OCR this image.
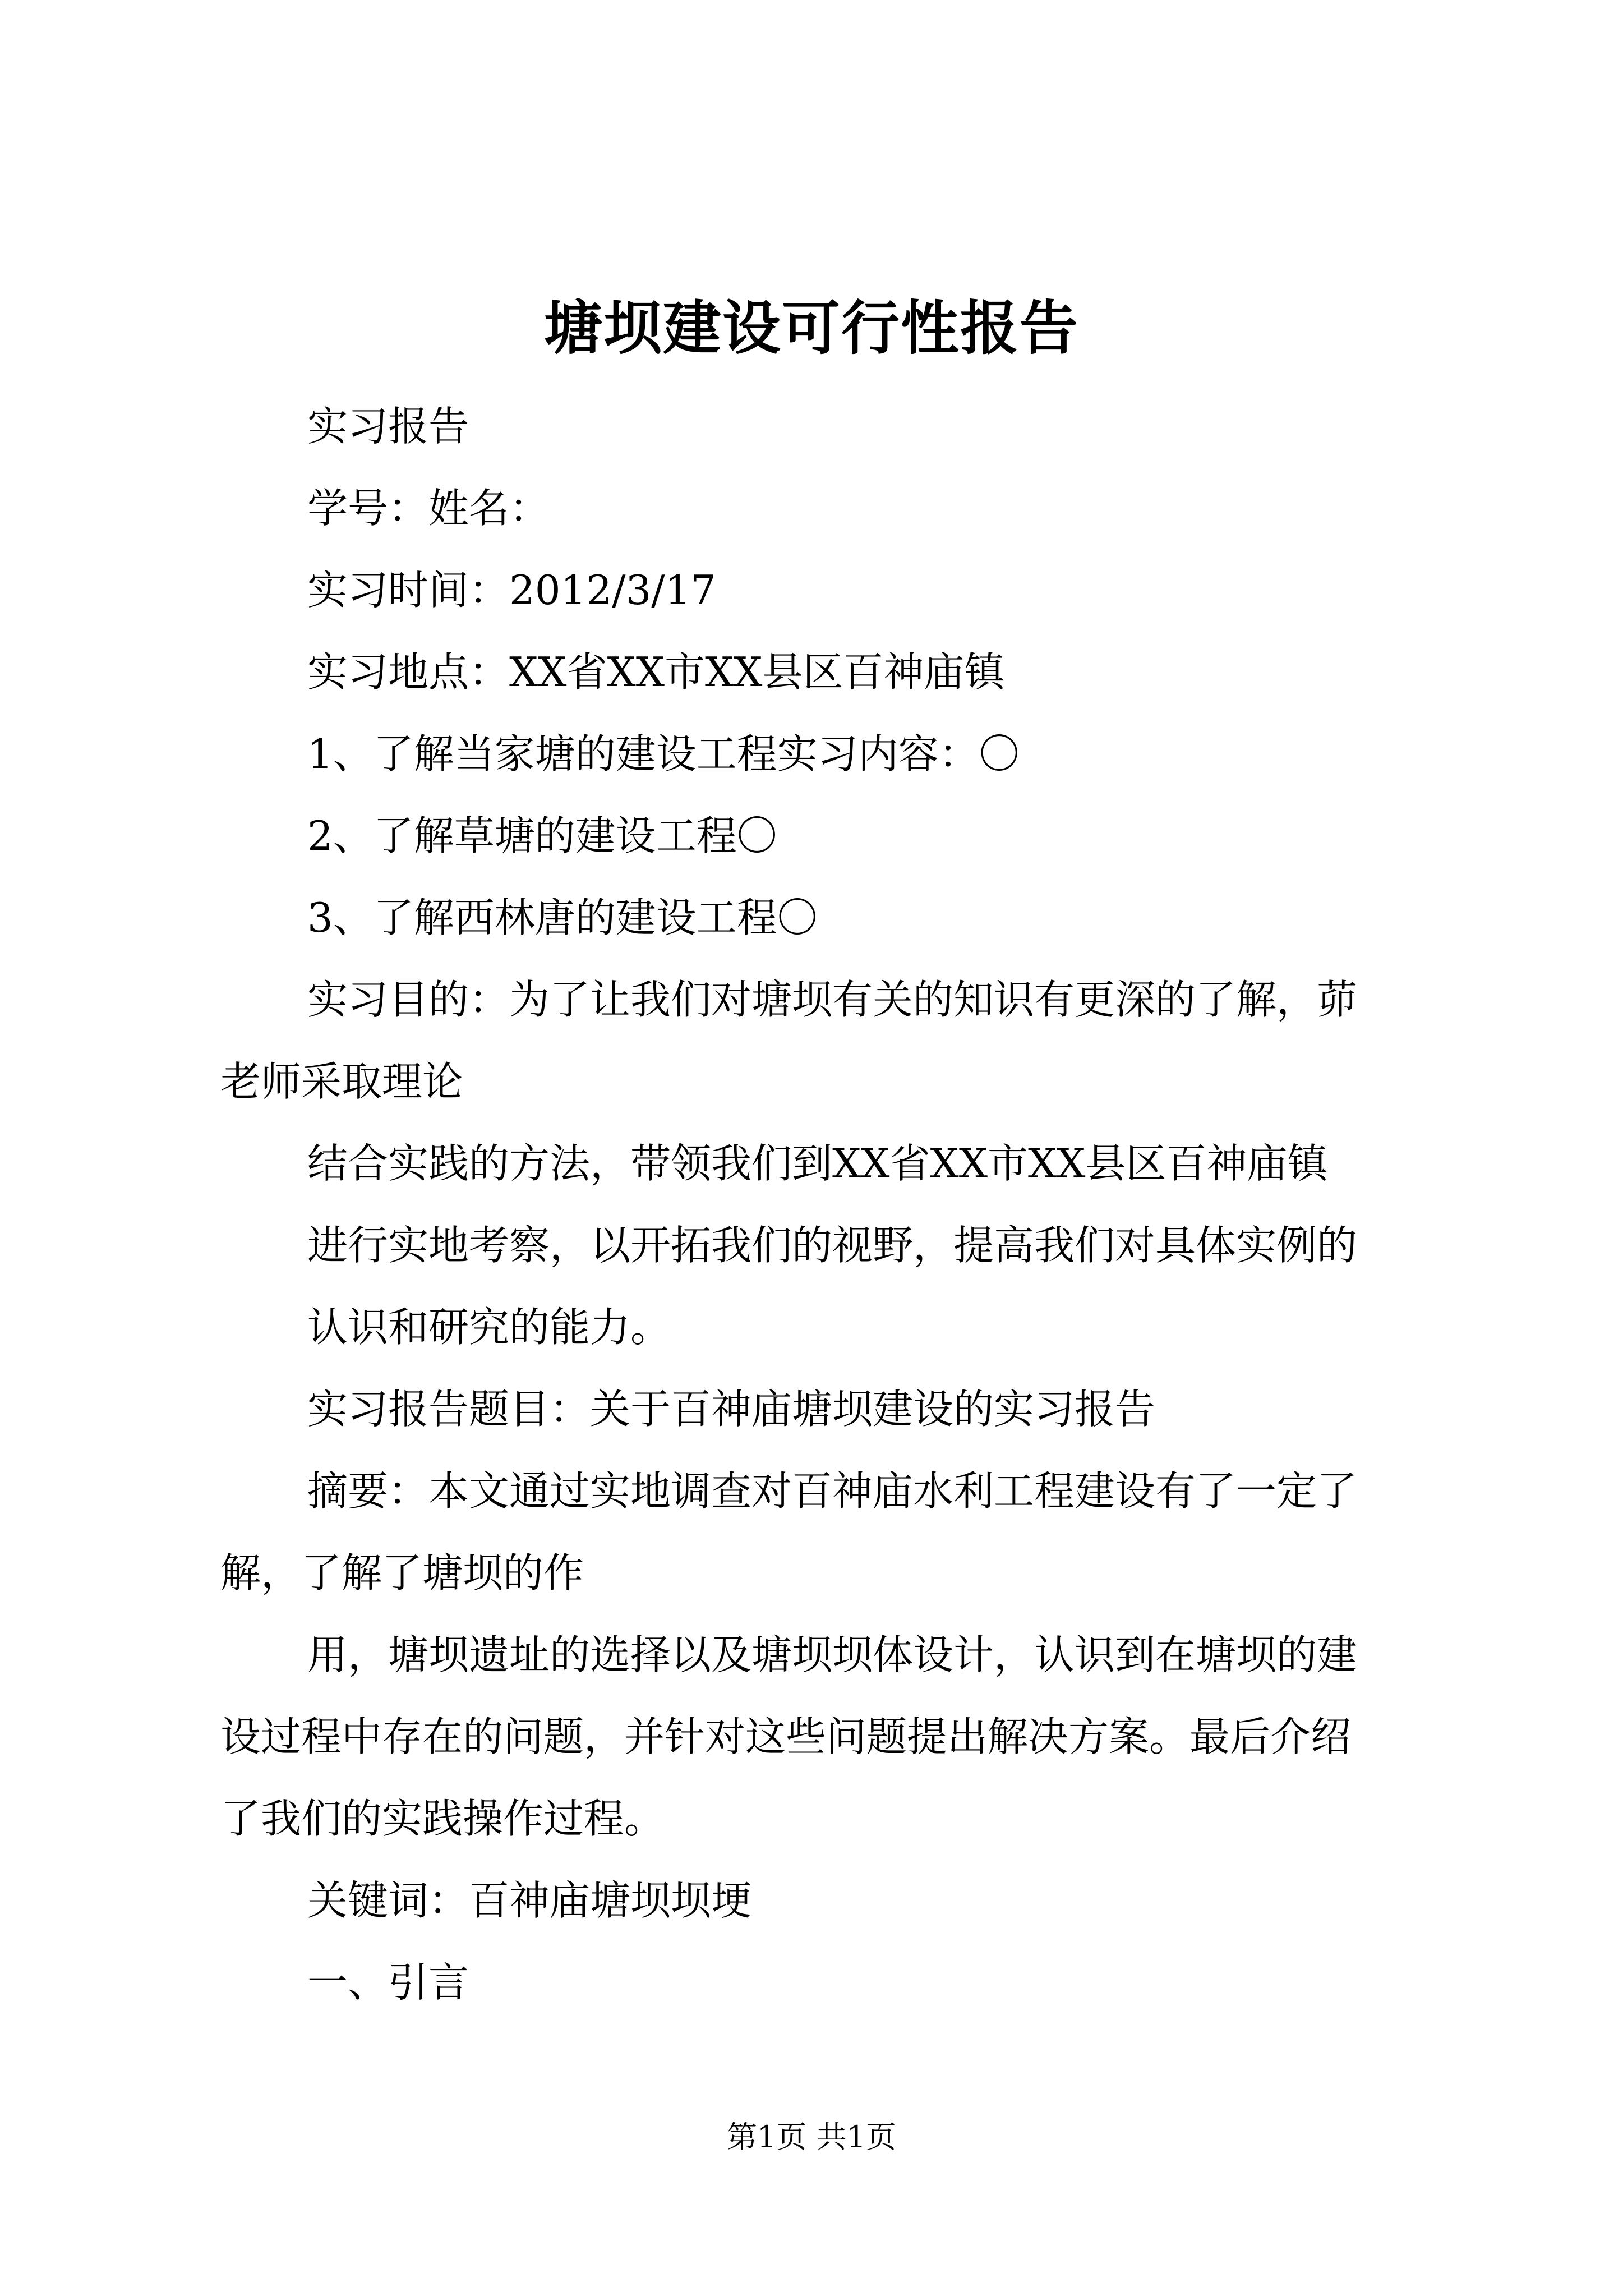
塘坝建设可行性报告
实习报告
学号：姓名：
实习时间：2012/3/17
实习地点：XX省XX市XX县区百神庙镇
1、了解当家塘的建设工程实习内容：〇
2、了解草塘的建设工程〇
3、了解西林唐的建设工程〇
实习目的：为了让我们对塘坝有关的知识有更深的了解，茆
老师采取理论
结合实践的方法，带领我们到XX省XX市XX县区百神庙镇
进行实地考察，以开拓我们的视野，提高我们对具体实例的
认识和研究的能力。
实习报告题目：关于百神庙塘坝建设的实习报告
摘要：本文通过实地调查对百神庙水利工程建设有了一定了
解，了解了塘坝的作
用，塘坝遗址的选择以及塘坝坝体设计，认识到在塘坝的建
设过程中存在的问题，并针对这些问题提出解决方案。最后介绍
了我们的实践操作过程。
关键词：百神庙塘坝坝埂
一、引言
第1页 共1页
